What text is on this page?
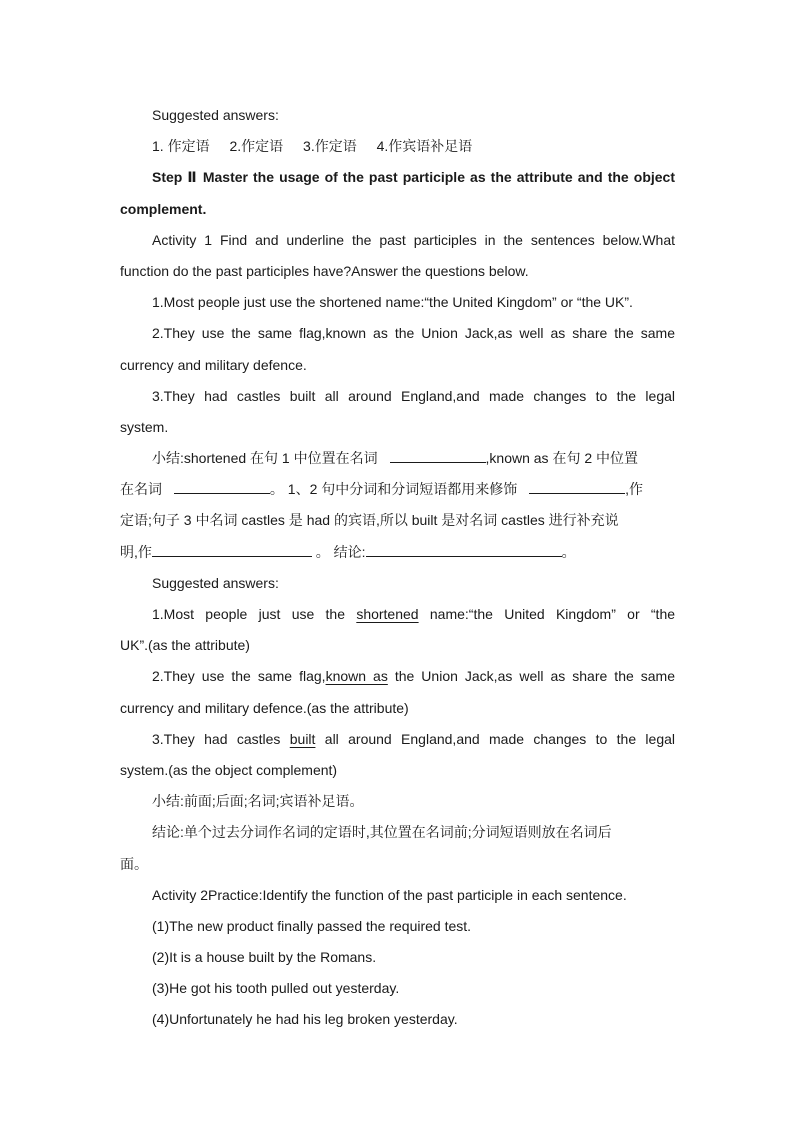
Suggested answers:

1. 作定语 2.作定语 3.作定语 4.作宾语补足语

Step Ⅱ Master the usage of the past participle as the attribute and the object

complement.

Activity 1 Find and underline the past participles in the sentences below.What

function do the past participles have?Answer the questions below.

1.Most people just use the shortened name:“the United Kingdom” or “the UK”.

2.They use the same flag,known as the Union Jack,as well as share the same

currency and military defence.

3.They had castles built all around England,and made changes to the legal

system.

小结:shortened 在句 1 中位置在名词	,known as 在句 2 中位置

在名词	。 1、2 句中分词和分词短语都用来修饰	,作

定语;句子 3 中名词 castles 是 had 的宾语,所以 built 是对名词 castles 进行补充说

明,作	。 结论:	。

Suggested answers:

1.Most people just use the shortened name:“the United Kingdom” or “the

UK”.(as the attribute)

2.They use the same flag,known as the Union Jack,as well as share the same

currency and military defence.(as the attribute)

3.They had castles built all around England,and made changes to the legal

system.(as the object complement)

小结:前面;后面;名词;宾语补足语。

结论:单个过去分词作名词的定语时,其位置在名词前;分词短语则放在名词后

面。

Activity 2Practice:Identify the function of the past participle in each sentence.

(1)The new product finally passed the required test.

(2)It is a house built by the Romans.

(3)He got his tooth pulled out yesterday.

(4)Unfortunately he had his leg broken yesterday.
